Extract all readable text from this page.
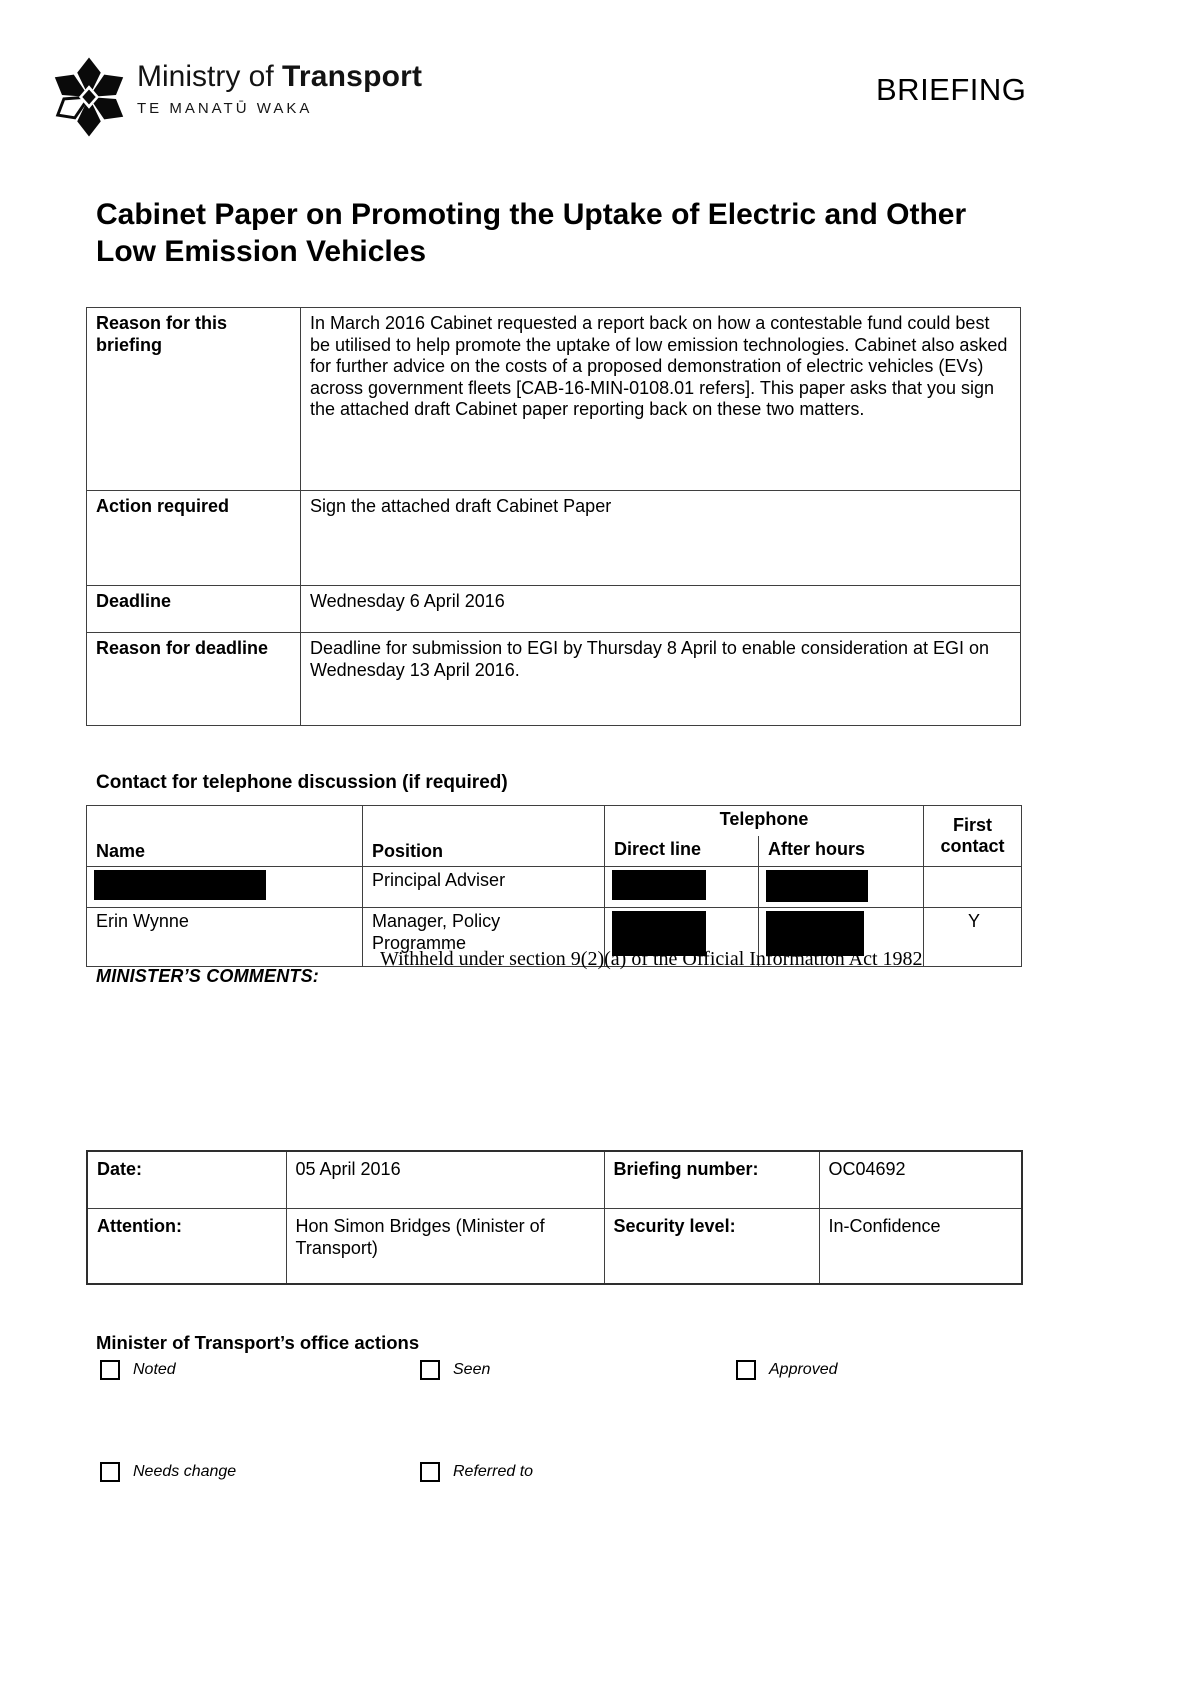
Ministry of Transport
TE MANATŪ WAKA
BRIEFING
Cabinet Paper on Promoting the Uptake of Electric and Other Low Emission Vehicles
Reason for this briefing	In March 2016 Cabinet requested a report back on how a contestable fund could best be utilised to help promote the uptake of low emission technologies. Cabinet also asked for further advice on the costs of a proposed demonstration of electric vehicles (EVs) across government fleets [CAB-16-MIN-0108.01 refers]. This paper asks that you sign the attached draft Cabinet paper reporting back on these two matters.
Action required	Sign the attached draft Cabinet Paper
Deadline	Wednesday 6 April 2016
Reason for deadline	Deadline for submission to EGI by Thursday 8 April to enable consideration at EGI on Wednesday 13 April 2016.
Contact for telephone discussion (if required)
Name	Position	Telephone		First contact
		Direct line	After hours	

	Principal Adviser	

Erin Wynne	Manager, Policy Programme			Y
Withheld under section 9(2)(a) of the Official Information Act 1982
MINISTER’S COMMENTS:
Date:	05 April 2016	Briefing number:	OC04692
Attention:	Hon Simon Bridges (Minister of Transport)	Security level:	In-Confidence
Minister of Transport’s office actions
Noted	Seen	Approved
Needs change	Referred to
